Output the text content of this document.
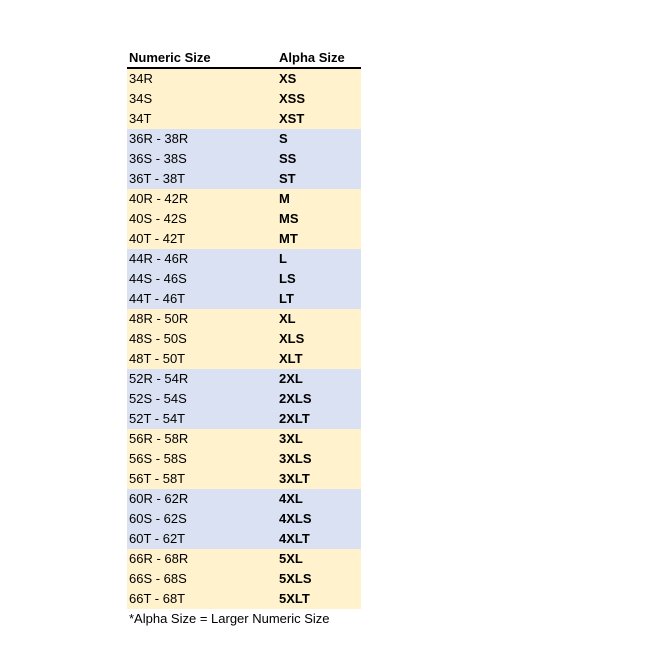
Numeric Size	Alpha Size
34R	XS
34S	XSS
34T	XST
36R - 38R	S
36S - 38S	SS
36T - 38T	ST
40R - 42R	M
40S - 42S	MS
40T - 42T	MT
44R - 46R	L
44S - 46S	LS
44T - 46T	LT
48R - 50R	XL
48S - 50S	XLS
48T - 50T	XLT
52R - 54R	2XL
52S - 54S	2XLS
52T - 54T	2XLT
56R - 58R	3XL
56S - 58S	3XLS
56T - 58T	3XLT
60R - 62R	4XL
60S - 62S	4XLS
60T - 62T	4XLT
66R - 68R	5XL
66S - 68S	5XLS
66T - 68T	5XLT
*Alpha Size = Larger Numeric Size
